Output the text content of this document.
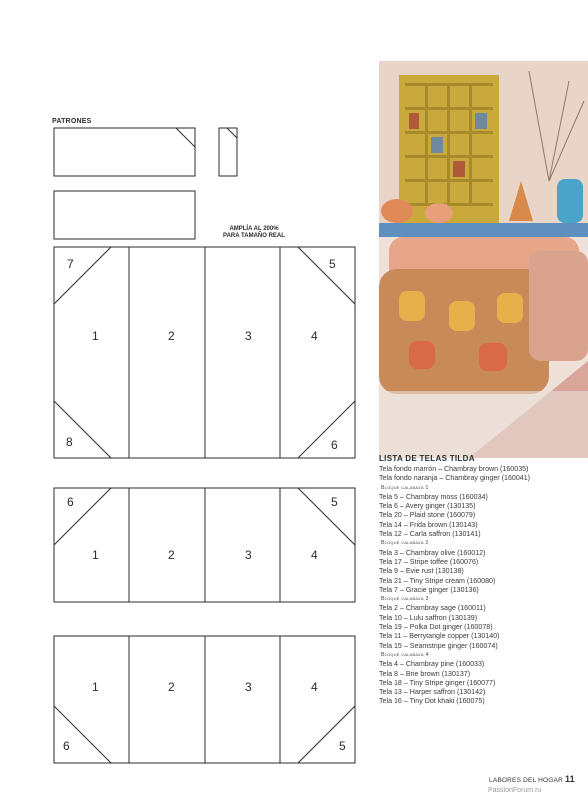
PATRONES
7
1	2	3	4
5
8	6
6
1	2	3	4
5
1	2	3	4
6	5
AMPLÍA AL 200%
PARA TAMAÑO REAL
LISTA DE TELAS TILDA
Tela fondo marrón – Chambray brown (160035)
Tela fondo naranja – Chambray ginger (160041)
Bloque calabaza 1
Tela 5 – Chambray moss (160034)
Tela 6 – Avery ginger (130135)
Tela 20 – Plaid stone (160079)
Tela 14 – Frida brown (130143)
Tela 12 – Carla saffron (130141)
Bloque calabaza 2
Tela 3 – Chambray olive (160012)
Tela 17 – Stripe toffee (160076)
Tela 9 – Evie rust (130138)
Tela 21 – Tiny Stripe cream (160080)
Tela 7 – Gracie ginger (130136)
Bloque calabaza 3
Tela 2 – Chambray sage (160011)
Tela 10 – Lulu saffron (130139)
Tela 19 – Polka Dot ginger (160078)
Tela 11 – Berrytangle copper (130140)
Tela 15 – Seamstripe ginger (160074)
Bloque calabaza 4
Tela 4 – Chambray pine (160033)
Tela 8 – Brie brown (130137)
Tela 18 – Tiny Stripe ginger (160077)
Tela 13 – Harper saffron (130142)
Tela 16 – Tiny Dot khaki (160075)
LABORES DEL HOGAR 11
PassionForum.ru
